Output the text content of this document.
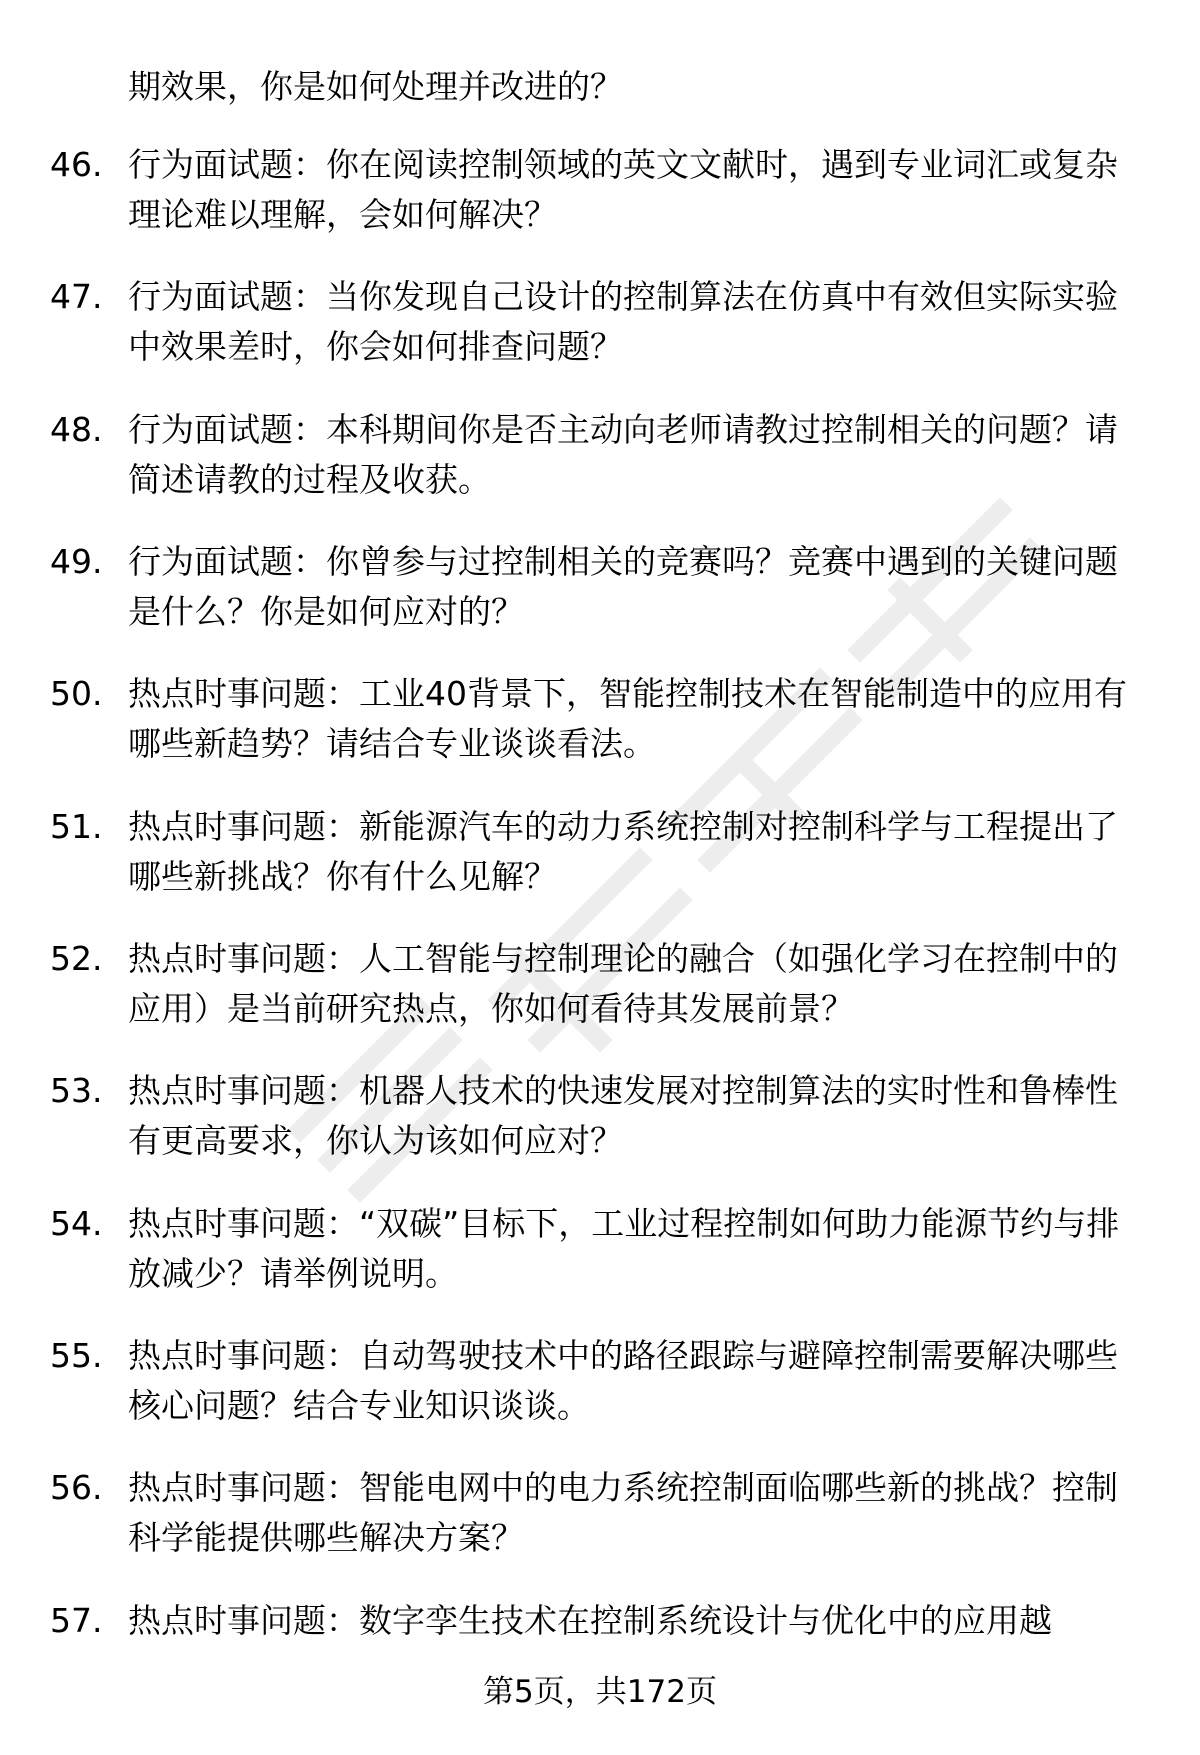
期效果，你是如何处理并改进的？
46. 行为面试题：你在阅读控制领域的英文文献时，遇到专业词汇或复杂理论难以理解，会如何解决？
47. 行为面试题：当你发现自己设计的控制算法在仿真中有效但实际实验中效果差时，你会如何排查问题？
48. 行为面试题：本科期间你是否主动向老师请教过控制相关的问题？请简述请教的过程及收获。
49. 行为面试题：你曾参与过控制相关的竞赛吗？竞赛中遇到的关键问题是什么？你是如何应对的？
50. 热点时事问题：工业40背景下，智能控制技术在智能制造中的应用有哪些新趋势？请结合专业谈谈看法。
51. 热点时事问题：新能源汽车的动力系统控制对控制科学与工程提出了哪些新挑战？你有什么见解？
52. 热点时事问题：人工智能与控制理论的融合（如强化学习在控制中的应用）是当前研究热点，你如何看待其发展前景？
53. 热点时事问题：机器人技术的快速发展对控制算法的实时性和鲁棒性有更高要求，你认为该如何应对？
54. 热点时事问题：“双碳”目标下，工业过程控制如何助力能源节约与排放减少？请举例说明。
55. 热点时事问题：自动驾驶技术中的路径跟踪与避障控制需要解决哪些核心问题？结合专业知识谈谈。
56. 热点时事问题：智能电网中的电力系统控制面临哪些新的挑战？控制科学能提供哪些解决方案？
57. 热点时事问题：数字孪生技术在控制系统设计与优化中的应用越
第5页，共172页
